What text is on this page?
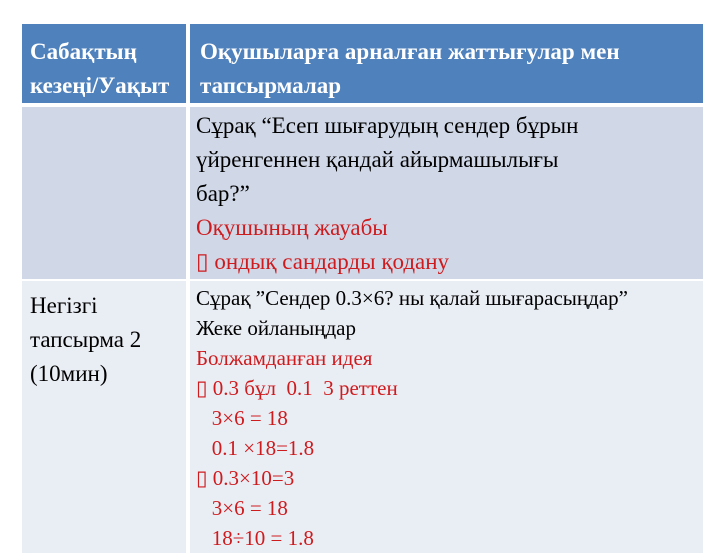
Сабақтың
кезеңі/Уақыт
Оқушыларға арналған жаттығулар мен
тапсырмалар
Сұрақ “Есеп шығарудың сендер бұрын
үйренгеннен қандай айырмашылығы
бар?”
Оқушының жауабы
▯ ондық сандарды қодану
Негізгі
тапсырма 2
(10мин)
Сұрақ ”Сендер 0.3×6? ны қалай шығарасыңдар”
Жеке ойланыңдар
Болжамданған идея
▯ 0.3 бұл  0.1  3 реттен
3×6 = 18
0.1 ×18=1.8
▯ 0.3×10=3
3×6 = 18
18÷10 = 1.8
